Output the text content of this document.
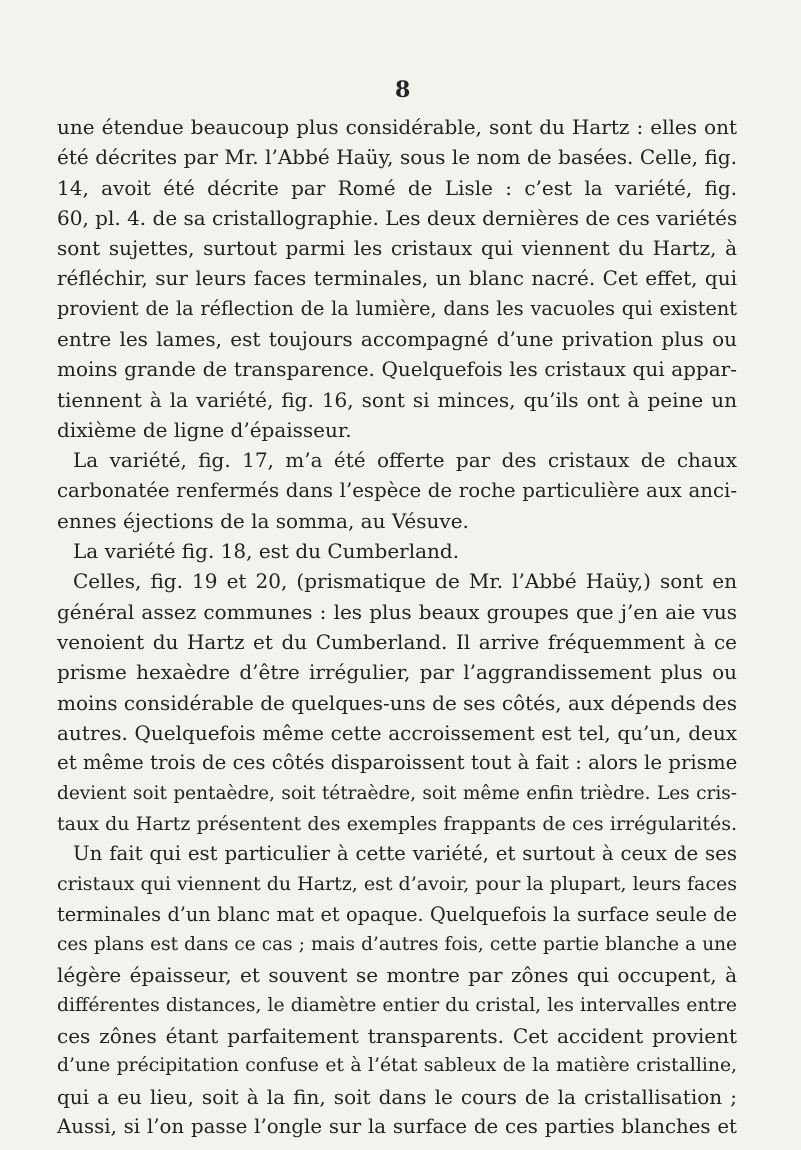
8
une étendue beaucoup plus considérable, sont du Hartz : elles ont
été décrites par Mr. l’Abbé Haüy, sous le nom de basées. Celle, fig.
14, avoit été décrite par Romé de Lisle : c’est la variété, fig.
60, pl. 4. de sa cristallographie. Les deux dernières de ces variétés
sont sujettes, surtout parmi les cristaux qui viennent du Hartz, à
réfléchir, sur leurs faces terminales, un blanc nacré. Cet effet, qui
provient de la réflection de la lumière, dans les vacuoles qui existent
entre les lames, est toujours accompagné d’une privation plus ou
moins grande de transparence. Quelquefois les cristaux qui appar-
tiennent à la variété, fig. 16, sont si minces, qu’ils ont à peine un
dixième de ligne d’épaisseur.
La variété, fig. 17, m’a été offerte par des cristaux de chaux
carbonatée renfermés dans l’espèce de roche particulière aux anci-
ennes éjections de la somma, au Vésuve.
La variété fig. 18, est du Cumberland.
Celles, fig. 19 et 20, (prismatique de Mr. l’Abbé Haüy,) sont en
général assez communes : les plus beaux groupes que j’en aie vus
venoient du Hartz et du Cumberland. Il arrive fréquemment à ce
prisme hexaèdre d’être irrégulier, par l’aggrandissement plus ou
moins considérable de quelques-uns de ses côtés, aux dépends des
autres. Quelquefois même cette accroissement est tel, qu’un, deux
et même trois de ces côtés disparoissent tout à fait : alors le prisme
devient soit pentaèdre, soit tétraèdre, soit même enfin trièdre. Les cris-
taux du Hartz présentent des exemples frappants de ces irrégularités.
Un fait qui est particulier à cette variété, et surtout à ceux de ses
cristaux qui viennent du Hartz, est d’avoir, pour la plupart, leurs faces
terminales d’un blanc mat et opaque. Quelquefois la surface seule de
ces plans est dans ce cas ; mais d’autres fois, cette partie blanche a une
légère épaisseur, et souvent se montre par zônes qui occupent, à
différentes distances, le diamètre entier du cristal, les intervalles entre
ces zônes étant parfaitement transparents. Cet accident provient
d’une précipitation confuse et à l’état sableux de la matière cristalline,
qui a eu lieu, soit à la fin, soit dans le cours de la cristallisation ;
Aussi, si l’on passe l’ongle sur la surface de ces parties blanches et
